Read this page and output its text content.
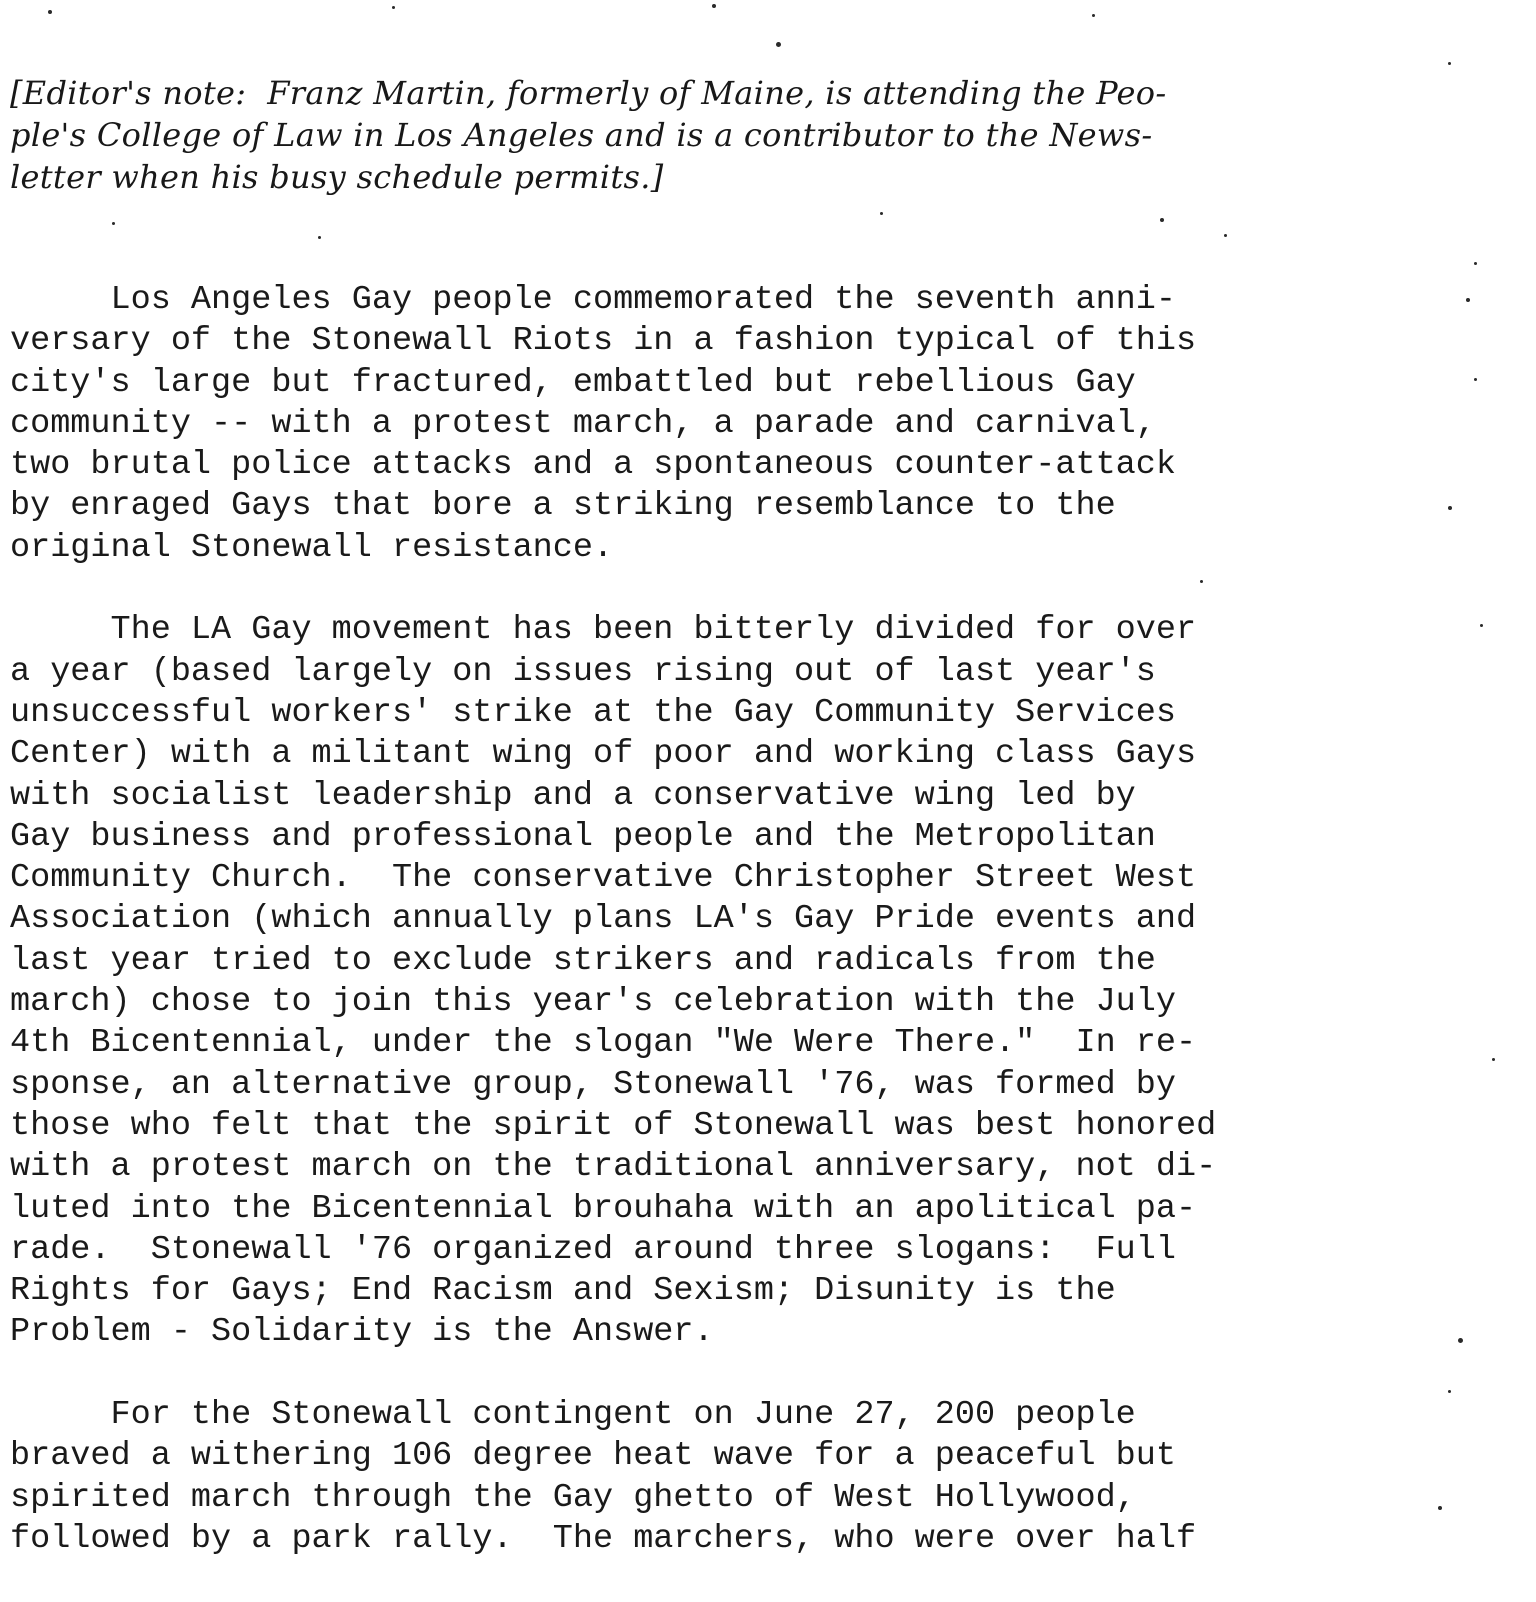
[Editor's note:  Franz Martin, formerly of Maine, is attending the Peo-
ple's College of Law in Los Angeles and is a contributor to the News-
letter when his busy schedule permits.]
Los Angeles Gay people commemorated the seventh anni-
versary of the Stonewall Riots in a fashion typical of this
city's large but fractured, embattled but rebellious Gay
community -- with a protest march, a parade and carnival,
two brutal police attacks and a spontaneous counter-attack
by enraged Gays that bore a striking resemblance to the
original Stonewall resistance.
The LA Gay movement has been bitterly divided for over
a year (based largely on issues rising out of last year's
unsuccessful workers' strike at the Gay Community Services
Center) with a militant wing of poor and working class Gays
with socialist leadership and a conservative wing led by
Gay business and professional people and the Metropolitan
Community Church.  The conservative Christopher Street West
Association (which annually plans LA's Gay Pride events and
last year tried to exclude strikers and radicals from the
march) chose to join this year's celebration with the July
4th Bicentennial, under the slogan "We Were There."  In re-
sponse, an alternative group, Stonewall '76, was formed by
those who felt that the spirit of Stonewall was best honored
with a protest march on the traditional anniversary, not di-
luted into the Bicentennial brouhaha with an apolitical pa-
rade.  Stonewall '76 organized around three slogans:  Full
Rights for Gays; End Racism and Sexism; Disunity is the
Problem - Solidarity is the Answer.
For the Stonewall contingent on June 27, 200 people
braved a withering 106 degree heat wave for a peaceful but
spirited march through the Gay ghetto of West Hollywood,
followed by a park rally.  The marchers, who were over half
